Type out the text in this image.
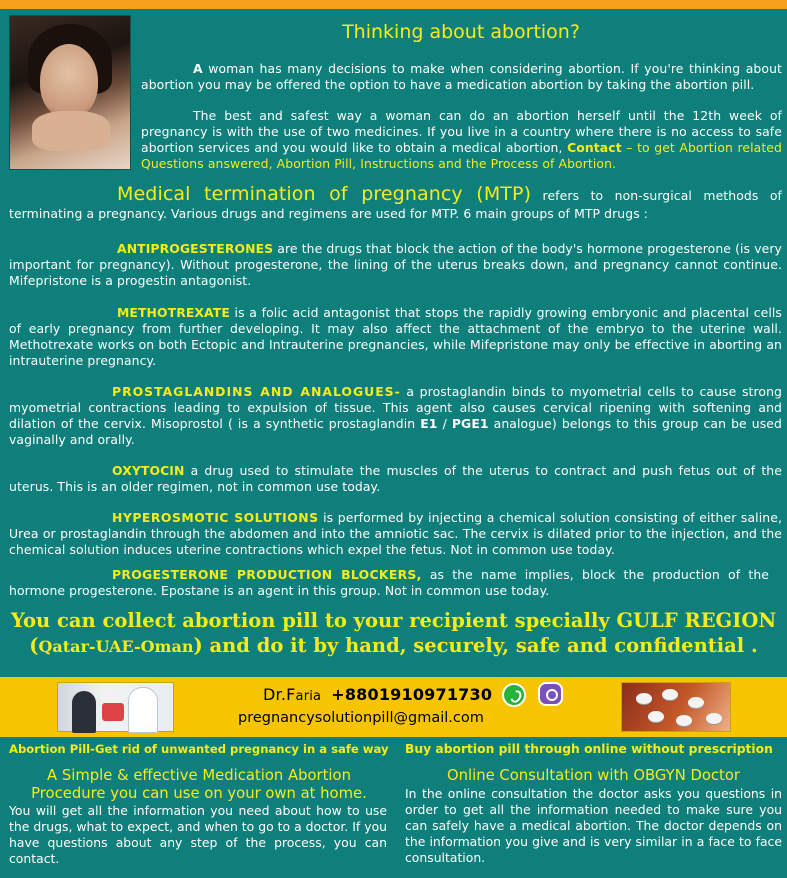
Thinking about abortion?
A woman has many decisions to make when considering abortion. If you're thinking about abortion you may be offered the option to have a medication abortion by taking the abortion pill.
The best and safest way a woman can do an abortion herself until the 12th week of pregnancy is with the use of two medicines. If you live in a country where there is no access to safe abortion services and you would like to obtain a medical abortion, Contact – to get Abortion related Questions answered, Abortion Pill, Instructions and the Process of Abortion.
Medical termination of pregnancy (MTP) refers to non-surgical methods of terminating a pregnancy. Various drugs and regimens are used for MTP. 6 main groups of MTP drugs :
ANTIPROGESTERONES are the drugs that block the action of the body's hormone progesterone (is very important for pregnancy). Without progesterone, the lining of the uterus breaks down, and pregnancy cannot continue. Mifepristone is a progestin antagonist.
METHOTREXATE is a folic acid antagonist that stops the rapidly growing embryonic and placental cells of early pregnancy from further developing. It may also affect the attachment of the embryo to the uterine wall. Methotrexate works on both Ectopic and Intrauterine pregnancies, while Mifepristone may only be effective in aborting an intrauterine pregnancy.
PROSTAGLANDINS AND ANALOGUES- a prostaglandin binds to myometrial cells to cause strong myometrial contractions leading to expulsion of tissue. This agent also causes cervical ripening with softening and dilation of the cervix. Misoprostol ( is a synthetic prostaglandin E1 / PGE1 analogue) belongs to this group can be used vaginally and orally.
OXYTOCIN a drug used to stimulate the muscles of the uterus to contract and push fetus out of the uterus. This is an older regimen, not in common use today.
HYPEROSMOTIC SOLUTIONS is performed by injecting a chemical solution consisting of either saline, Urea or prostaglandin through the abdomen and into the amniotic sac. The cervix is dilated prior to the injection, and the chemical solution induces uterine contractions which expel the fetus. Not in common use today.
PROGESTERONE PRODUCTION BLOCKERS, as the name implies, block the production of the hormone progesterone. Epostane is an agent in this group. Not in common use today.
You can collect abortion pill to your recipient specially GULF REGION
(Qatar-UAE-Oman) and do it by hand, securely, safe and confidential .
Dr.Faria +8801910971730
pregnancysolutionpill@gmail.com
Abortion Pill-Get rid of unwanted pregnancy in a safe way Buy abortion pill through online without prescription
A Simple & effective Medication Abortion Procedure you can use on your own at home.
Online Consultation with OBGYN Doctor
You will get all the information you need about how to use the drugs, what to expect, and when to go to a doctor. If you have questions about any step of the process, you can contact.
In the online consultation the doctor asks you questions in order to get all the information needed to make sure you can safely have a medical abortion. The doctor depends on the information you give and is very similar in a face to face consultation.
